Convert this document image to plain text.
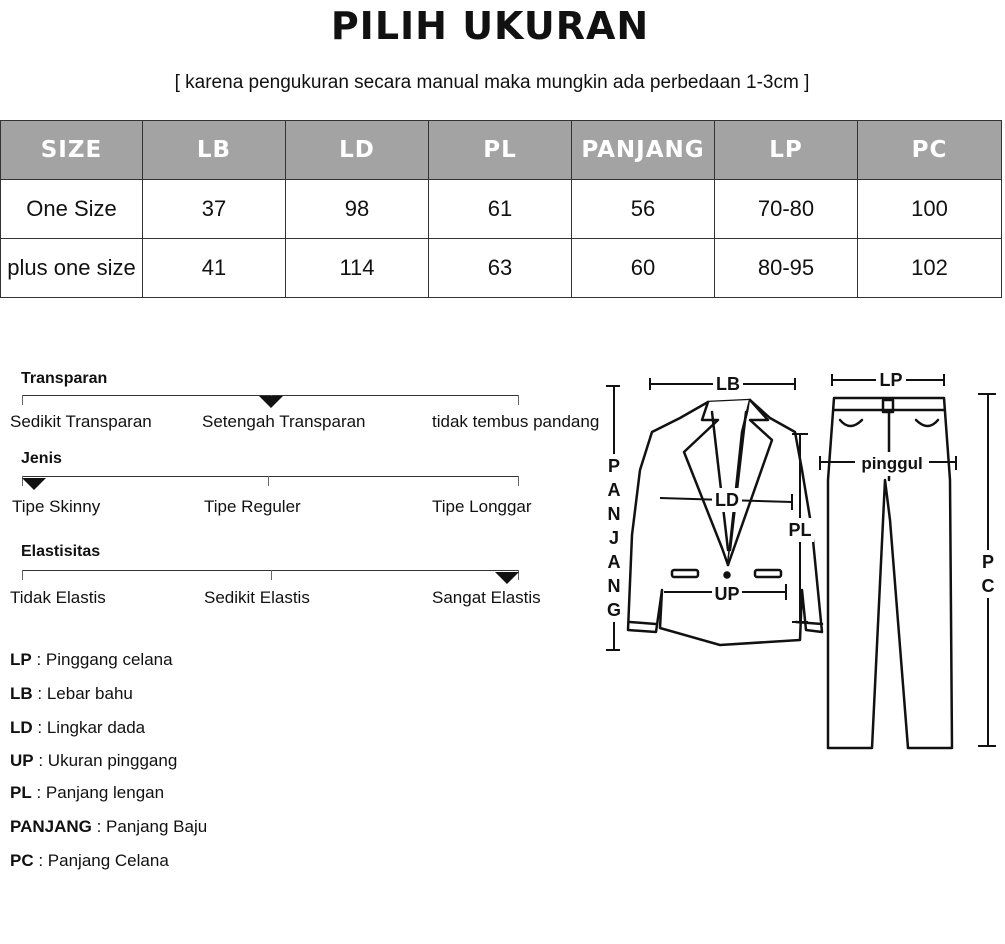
PILIH UKURAN
[ karena pengukuran secara manual maka mungkin ada perbedaan 1-3cm ]
SIZE	LB	LD	PL	PANJANG	LP	PC
One Size	37	98	61	56	70-80	100
plus one size	41	114	63	60	80-95	102
Transparan
Sedikit Transparan	Setengah Transparan	tidak tembus pandang
Jenis
Tipe Skinny	Tipe Reguler	Tipe Longgar
Elastisitas
Tidak Elastis	Sedikit Elastis	Sangat Elastis
LP : Pinggang celana
LB : Lebar bahu
LD : Lingkar dada
UP : Ukuran pinggang
PL : Panjang lengan
PANJANG : Panjang Baju
PC : Panjang Celana
LB	LP
LD
UP
PL
pinggul
PANJANG
PC
